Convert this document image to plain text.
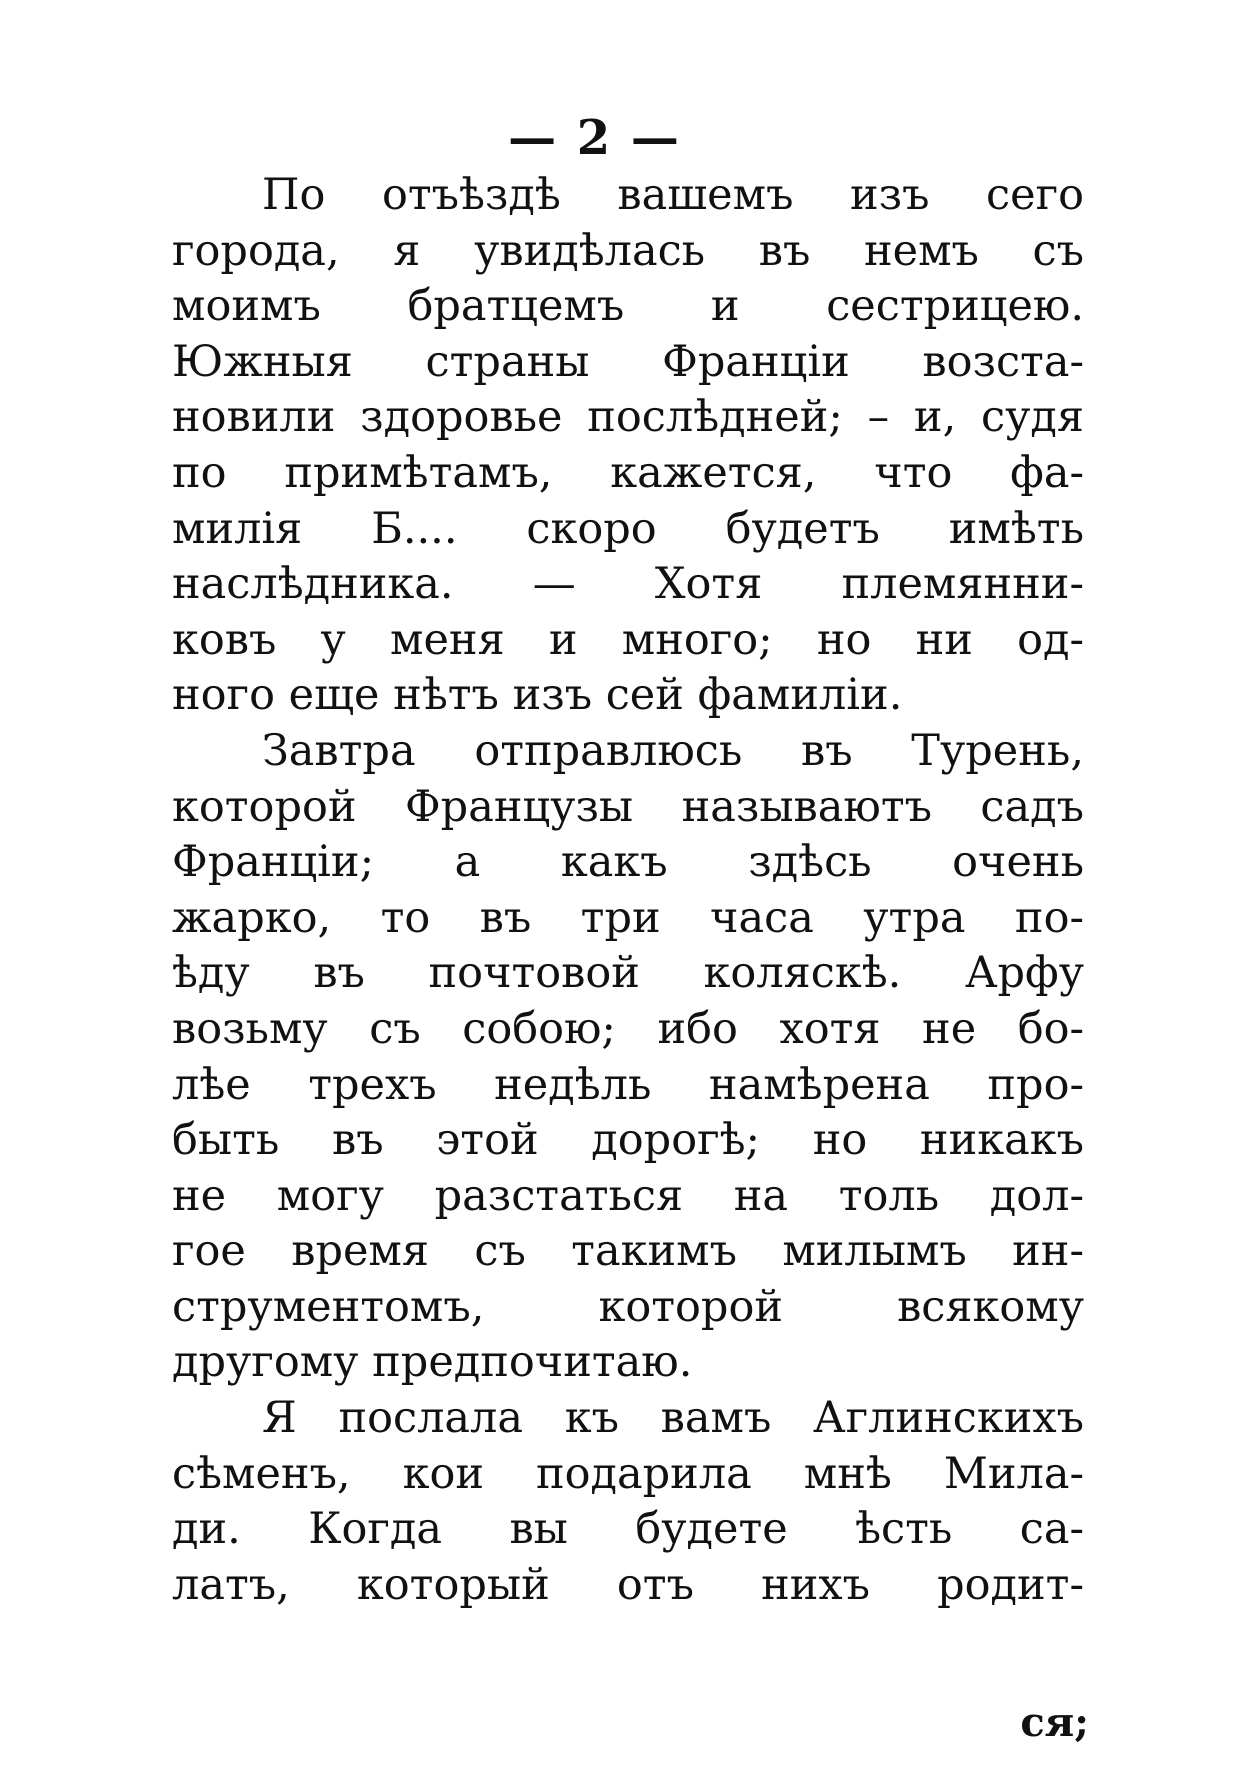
— 2 —
По отъѣздѣ вашемъ изъ сего
города, я увидѣлась въ немъ съ
моимъ братцемъ и сестрицею.
Южныя страны Франціи возста-
новили здоровье послѣдней; – и, судя
по примѣтамъ, кажется, что фа-
милія Б.... скоро будетъ имѣть
наслѣдника. — Хотя племянни-
ковъ у меня и много; но ни од-
ного еще нѣтъ изъ сей фамиліи.
Завтра отправлюсь въ Турень,
которой Французы называютъ садъ
Франціи; а какъ здѣсь очень
жарко, то въ три часа утра по-
ѣду въ почтовой коляскѣ. Арфу
возьму съ собою; ибо хотя не бо-
лѣе трехъ недѣль намѣрена про-
быть въ этой дорогѣ; но никакъ
не могу разстаться на толь дол-
гое время съ такимъ милымъ ин-
струментомъ, которой всякому
другому предпочитаю.
Я послала къ вамъ Аглинскихъ
сѣменъ, кои подарила мнѣ Мила-
ди. Когда вы будете ѣсть са-
латъ, который отъ нихъ родит-
ся;
